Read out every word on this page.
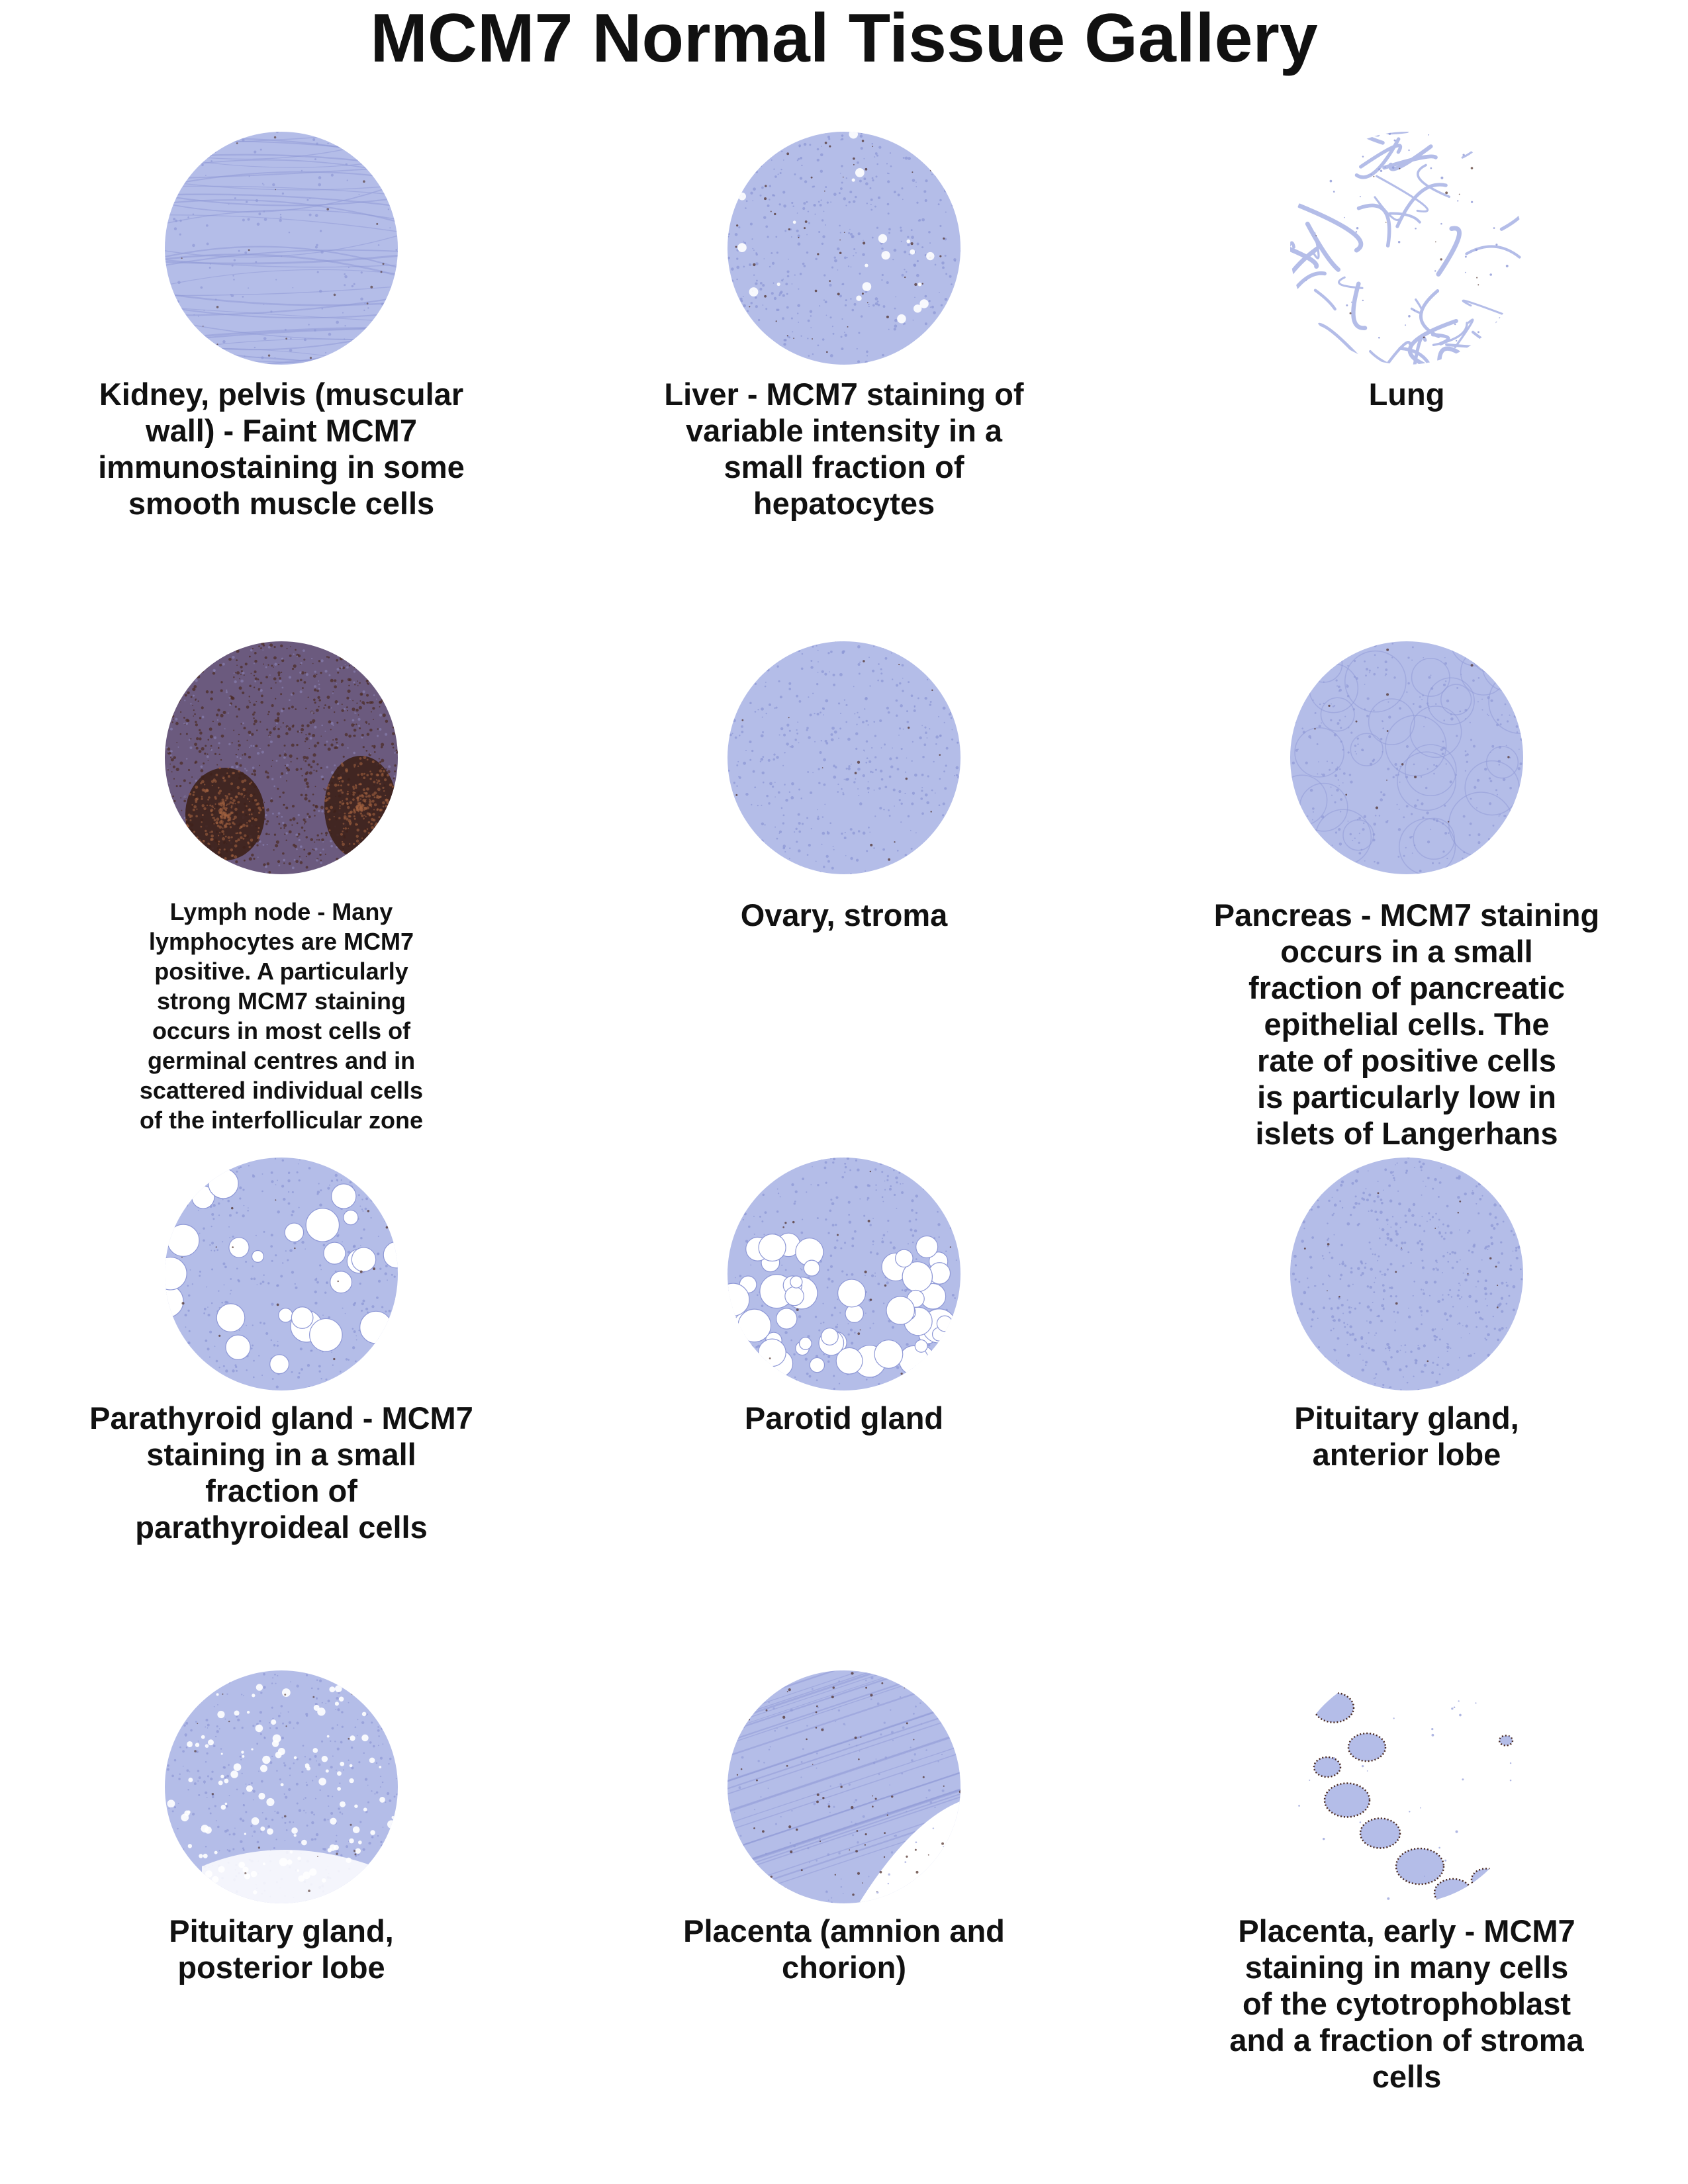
MCM7 Normal Tissue Gallery
Kidney, pelvis (muscular
wall) - Faint MCM7
immunostaining in some
smooth muscle cells
Liver - MCM7 staining of
variable intensity in a
small fraction of
hepatocytes
Lung
Lymph node - Many
lymphocytes are MCM7
positive. A particularly
strong MCM7 staining
occurs in most cells of
germinal centres and in
scattered individual cells
of the interfollicular zone
Ovary, stroma	Pancreas - MCM7 staining
occurs in a small
fraction of pancreatic
epithelial cells. The
rate of positive cells
is particularly low in
islets of Langerhans
Parathyroid gland - MCM7
staining in a small
fraction of
parathyroideal cells
Parotid gland	Pituitary gland,
anterior lobe
Pituitary gland,
posterior lobe
Placenta (amnion and
chorion)
Placenta, early - MCM7
staining in many cells
of the cytotrophoblast
and a fraction of stroma
cells
